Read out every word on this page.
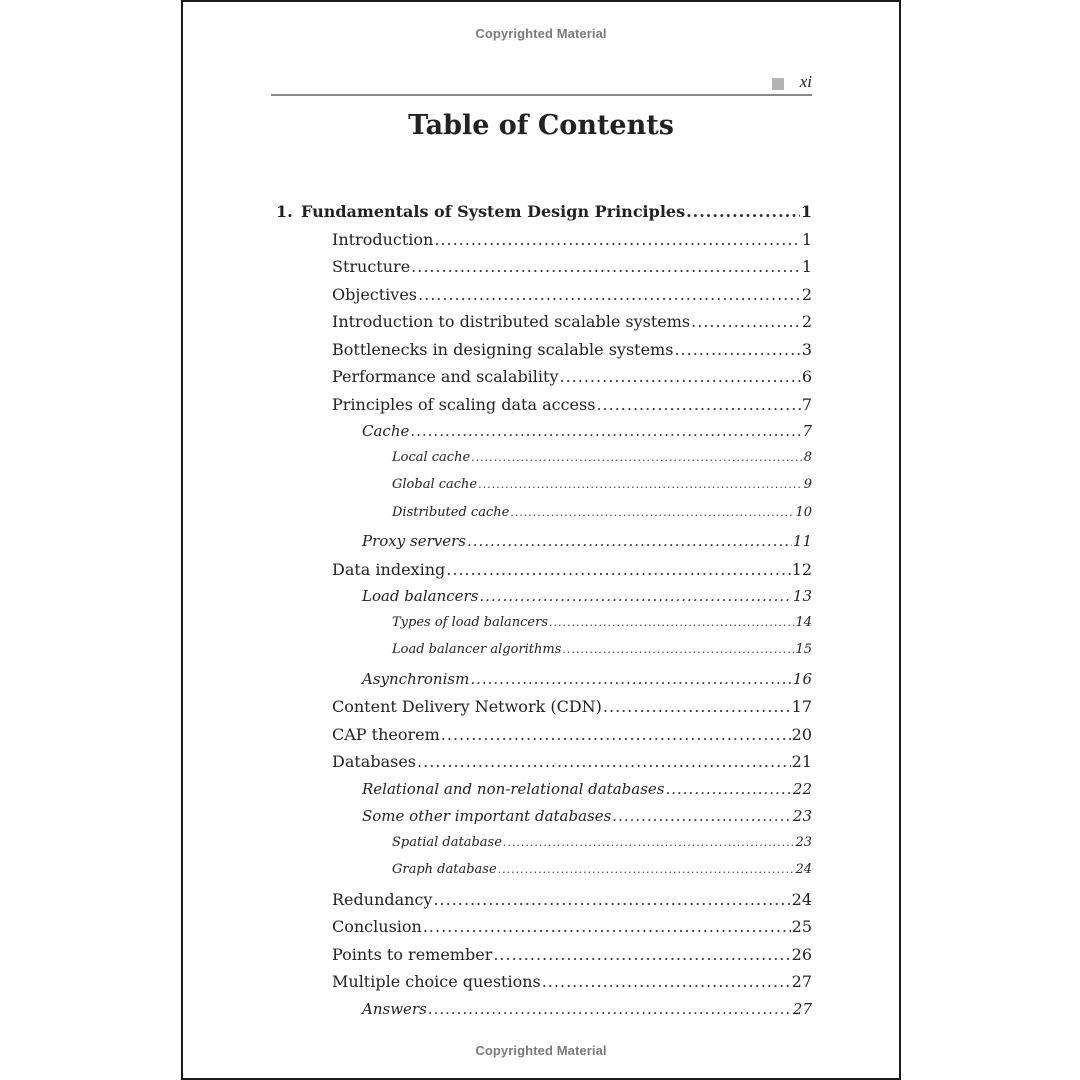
Copyrighted Material
xi
Table of Contents
1. Fundamentals of System Design Principles .....	1
Introduction .....	1
Structure .....	1
Objectives .....	2
Introduction to distributed scalable systems .....	2
Bottlenecks in designing scalable systems .....	3
Performance and scalability .....	6
Principles of scaling data access .....	7
Cache .....	7
Local cache .....	8
Global cache .....	9
Distributed cache .....	10
Proxy servers .....	11
Data indexing .....	12
Load balancers .....	13
Types of load balancers .....	14
Load balancer algorithms .....	15
Asynchronism .....	16
Content Delivery Network (CDN) .....	17
CAP theorem .....	20
Databases .....	21
Relational and non-relational databases .....	22
Some other important databases .....	23
Spatial database .....	23
Graph database .....	24
Redundancy .....	24
Conclusion .....	25
Points to remember .....	26
Multiple choice questions .....	27
Answers .....	27
Copyrighted Material
